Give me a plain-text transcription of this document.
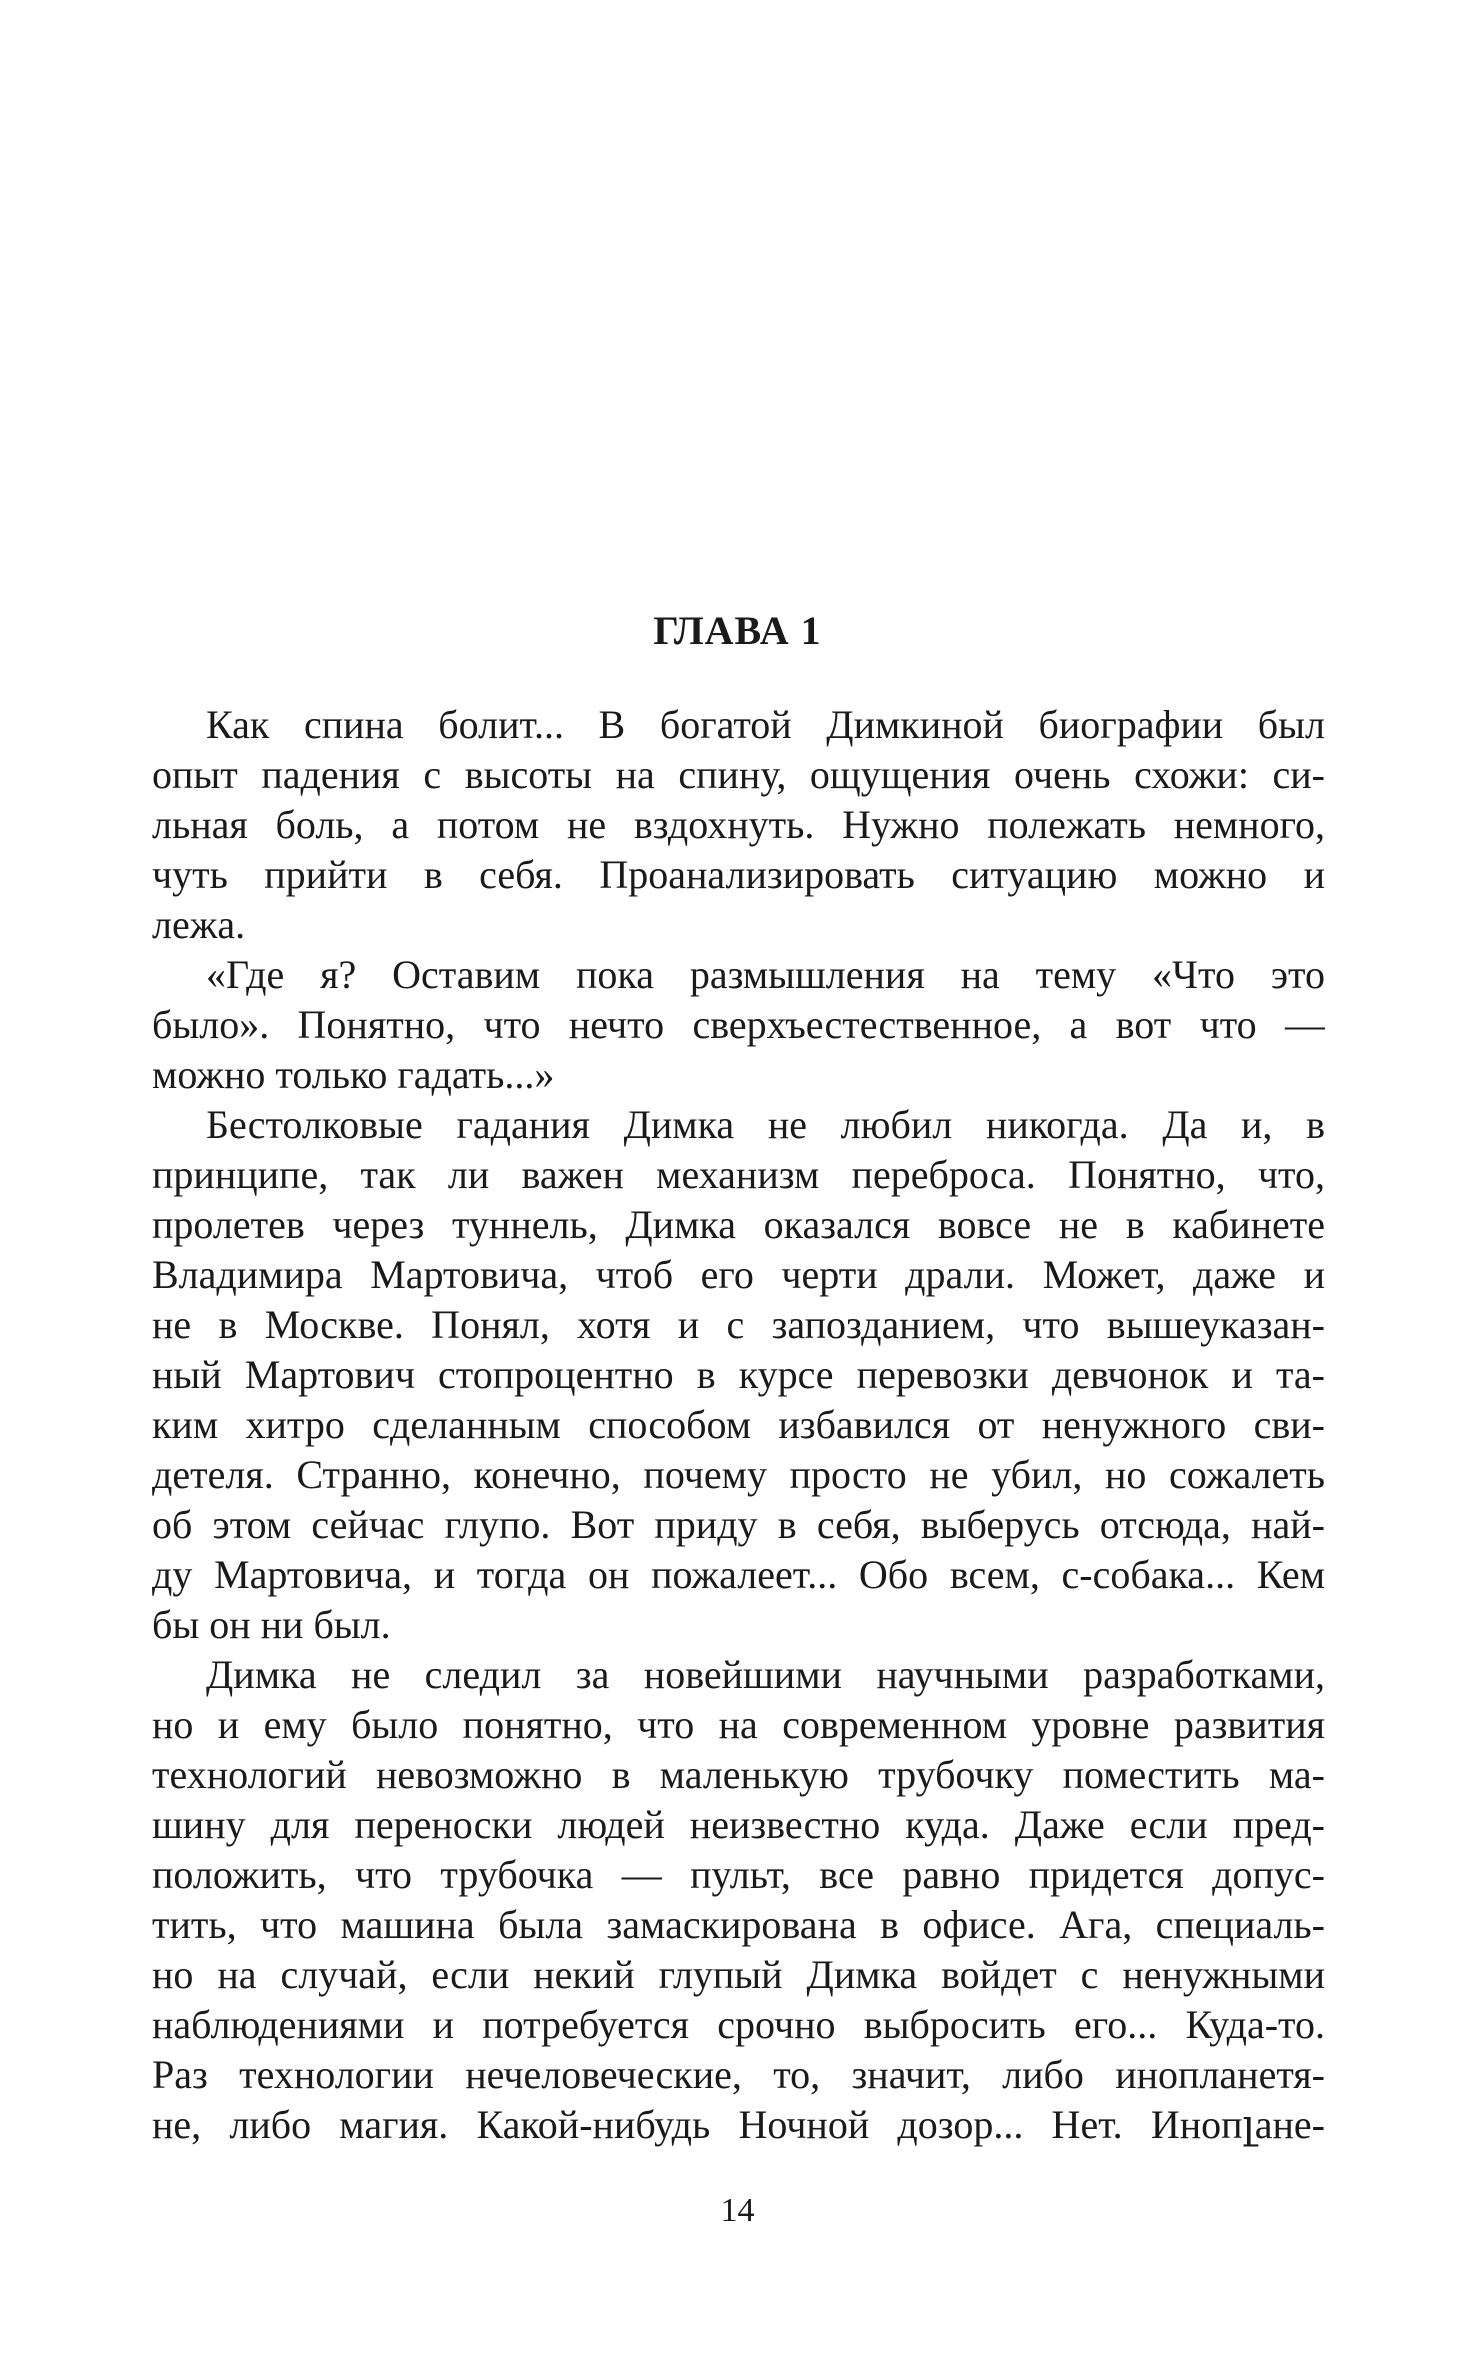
ГЛАВА 1
Как спина болит... В богатой Димкиной биографии был
опыт падения с высоты на спину, ощущения очень схожи: си-
льная боль, а потом не вздохнуть. Нужно полежать немного,
чуть прийти в себя. Проанализировать ситуацию можно и
лежа.
«Где я? Оставим пока размышления на тему «Что это
было». Понятно, что нечто сверхъестественное, а вот что —
можно только гадать...»
Бестолковые гадания Димка не любил никогда. Да и, в
принципе, так ли важен механизм переброса. Понятно, что,
пролетев через туннель, Димка оказался вовсе не в кабинете
Владимира Мартовича, чтоб его черти драли. Может, даже и
не в Москве. Понял, хотя и с запозданием, что вышеуказан-
ный Мартович стопроцентно в курсе перевозки девчонок и та-
ким хитро сделанным способом избавился от ненужного сви-
детеля. Странно, конечно, почему просто не убил, но сожалеть
об этом сейчас глупо. Вот приду в себя, выберусь отсюда, най-
ду Мартовича, и тогда он пожалеет... Обо всем, с-собака... Кем
бы он ни был.
Димка не следил за новейшими научными разработками,
но и ему было понятно, что на современном уровне развития
технологий невозможно в маленькую трубочку поместить ма-
шину для переноски людей неизвестно куда. Даже если пред-
положить, что трубочка — пульт, все равно придется допус-
тить, что машина была замаскирована в офисе. Ага, специаль-
но на случай, если некий глупый Димка войдет с ненужными
наблюдениями и потребуется срочно выбросить его... Куда-то.
Раз технологии нечеловеческие, то, значит, либо инопланетя-
не, либо магия. Какой-нибудь Ночной дозор... Нет. Инопլане-
14
